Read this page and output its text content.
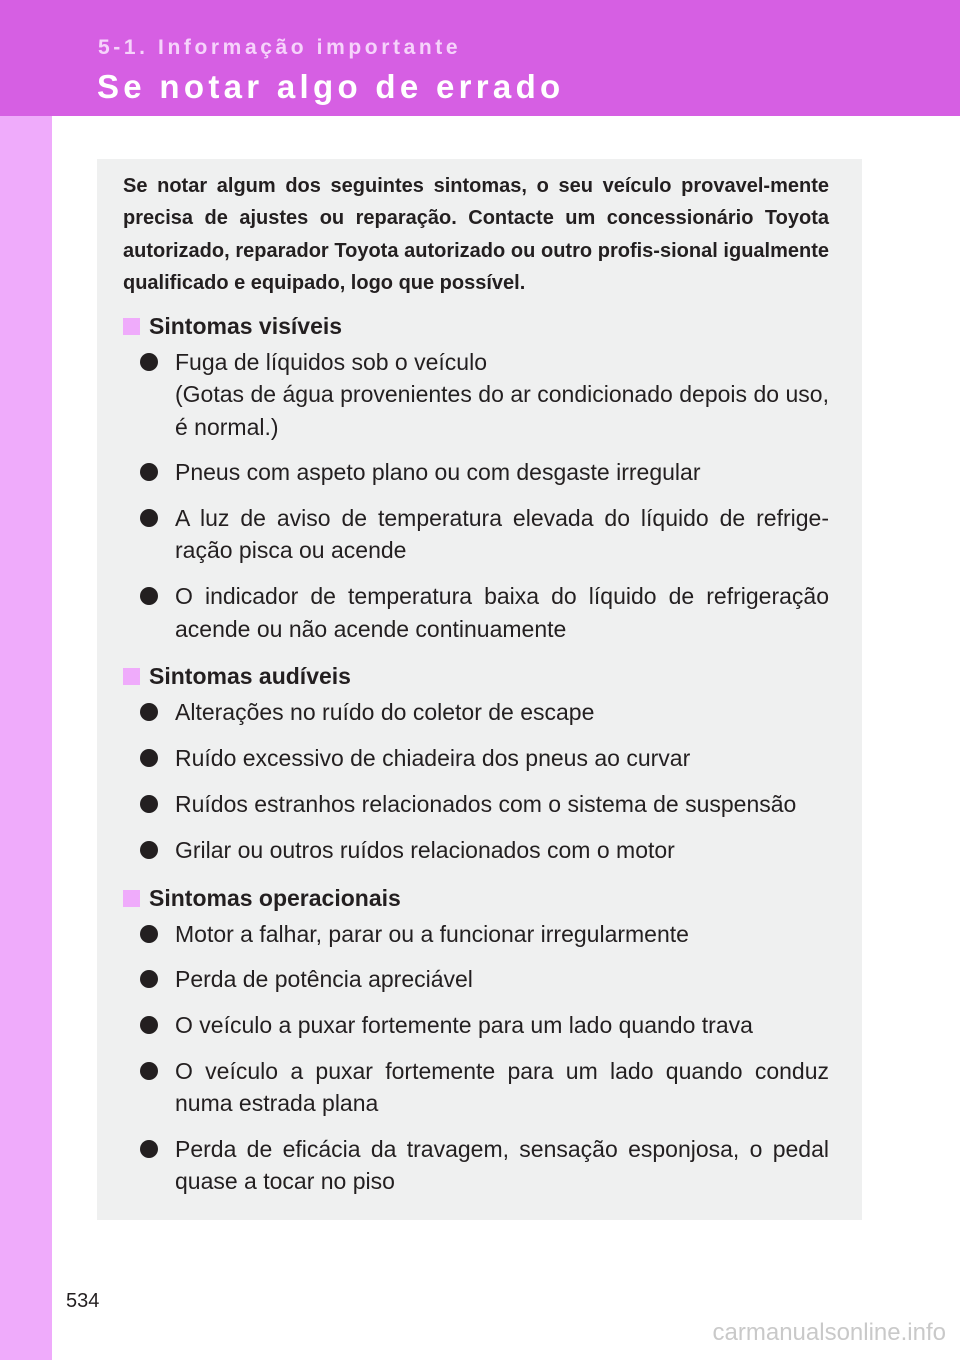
5-1. Informação importante
Se notar algo de errado
Se notar algum dos seguintes sintomas, o seu veículo provavel-mente precisa de ajustes ou reparação. Contacte um concessionário Toyota autorizado, reparador Toyota autorizado ou outro profis-sional igualmente qualificado e equipado, logo que possível.
Sintomas visíveis
Fuga de líquidos sob o veículo
(Gotas de água provenientes do ar condicionado depois do uso, é normal.)
Pneus com aspeto plano ou com desgaste irregular
A luz de aviso de temperatura elevada do líquido de refrige-ração pisca ou acende
O indicador de temperatura baixa do líquido de refrigeração acende ou não acende continuamente
Sintomas audíveis
Alterações no ruído do coletor de escape
Ruído excessivo de chiadeira dos pneus ao curvar
Ruídos estranhos relacionados com o sistema de suspensão
Grilar ou outros ruídos relacionados com o motor
Sintomas operacionais
Motor a falhar, parar ou a funcionar irregularmente
Perda de potência apreciável
O veículo a puxar fortemente para um lado quando trava
O veículo a puxar fortemente para um lado quando conduz numa estrada plana
Perda de eficácia da travagem, sensação esponjosa, o pedal quase a tocar no piso
534
carmanualsonline.info
